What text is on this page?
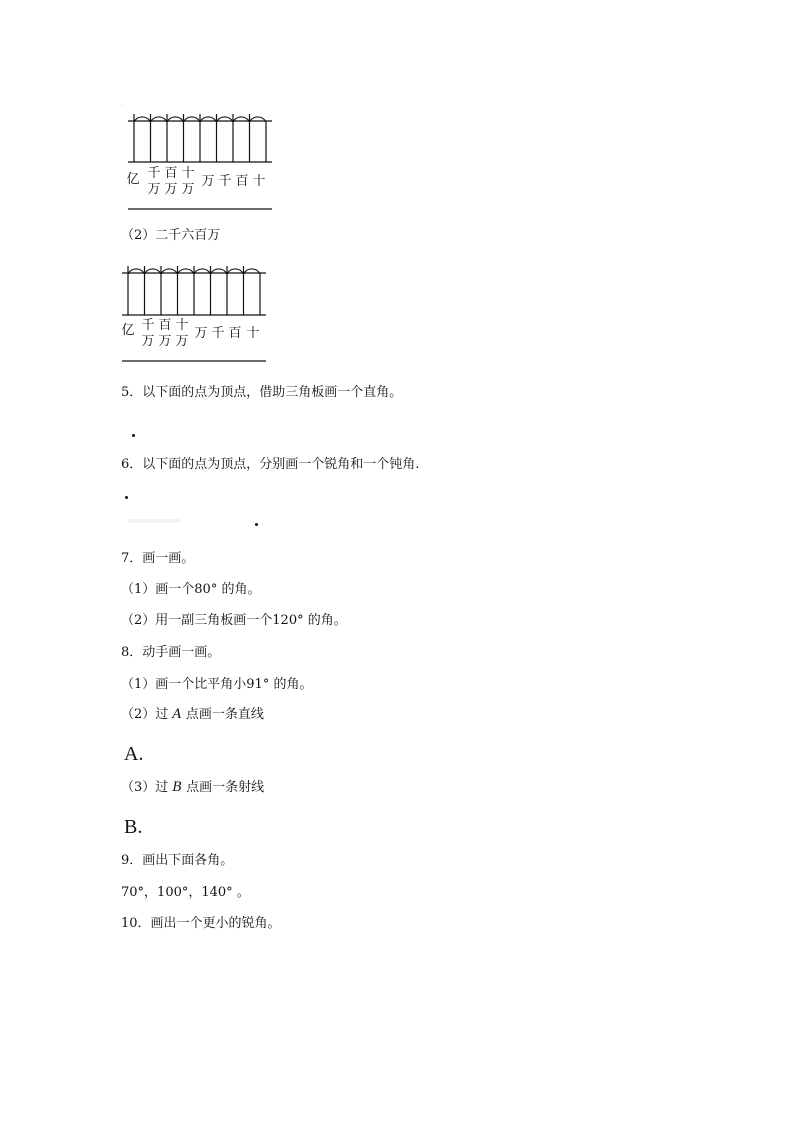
...
亿 千
万
百
万
十
万
万 千 百 十
（2）二千六百万
亿 千
万
百
万
十
万
万 千 百 十
5．以下面的点为顶点，借助三角板画一个直角。
6．以下面的点为顶点，分别画一个锐角和一个钝角.
7．画一画。
（1）画一个80° 的角。
（2）用一副三角板画一个120° 的角。
8．动手画一画。
（1）画一个比平角小91° 的角。
（2）过 A 点画一条直线
A.
（3）过 B 点画一条射线
B.
9．画出下面各角。
70°，100°，140° 。
10．画出一个更小的锐角。
